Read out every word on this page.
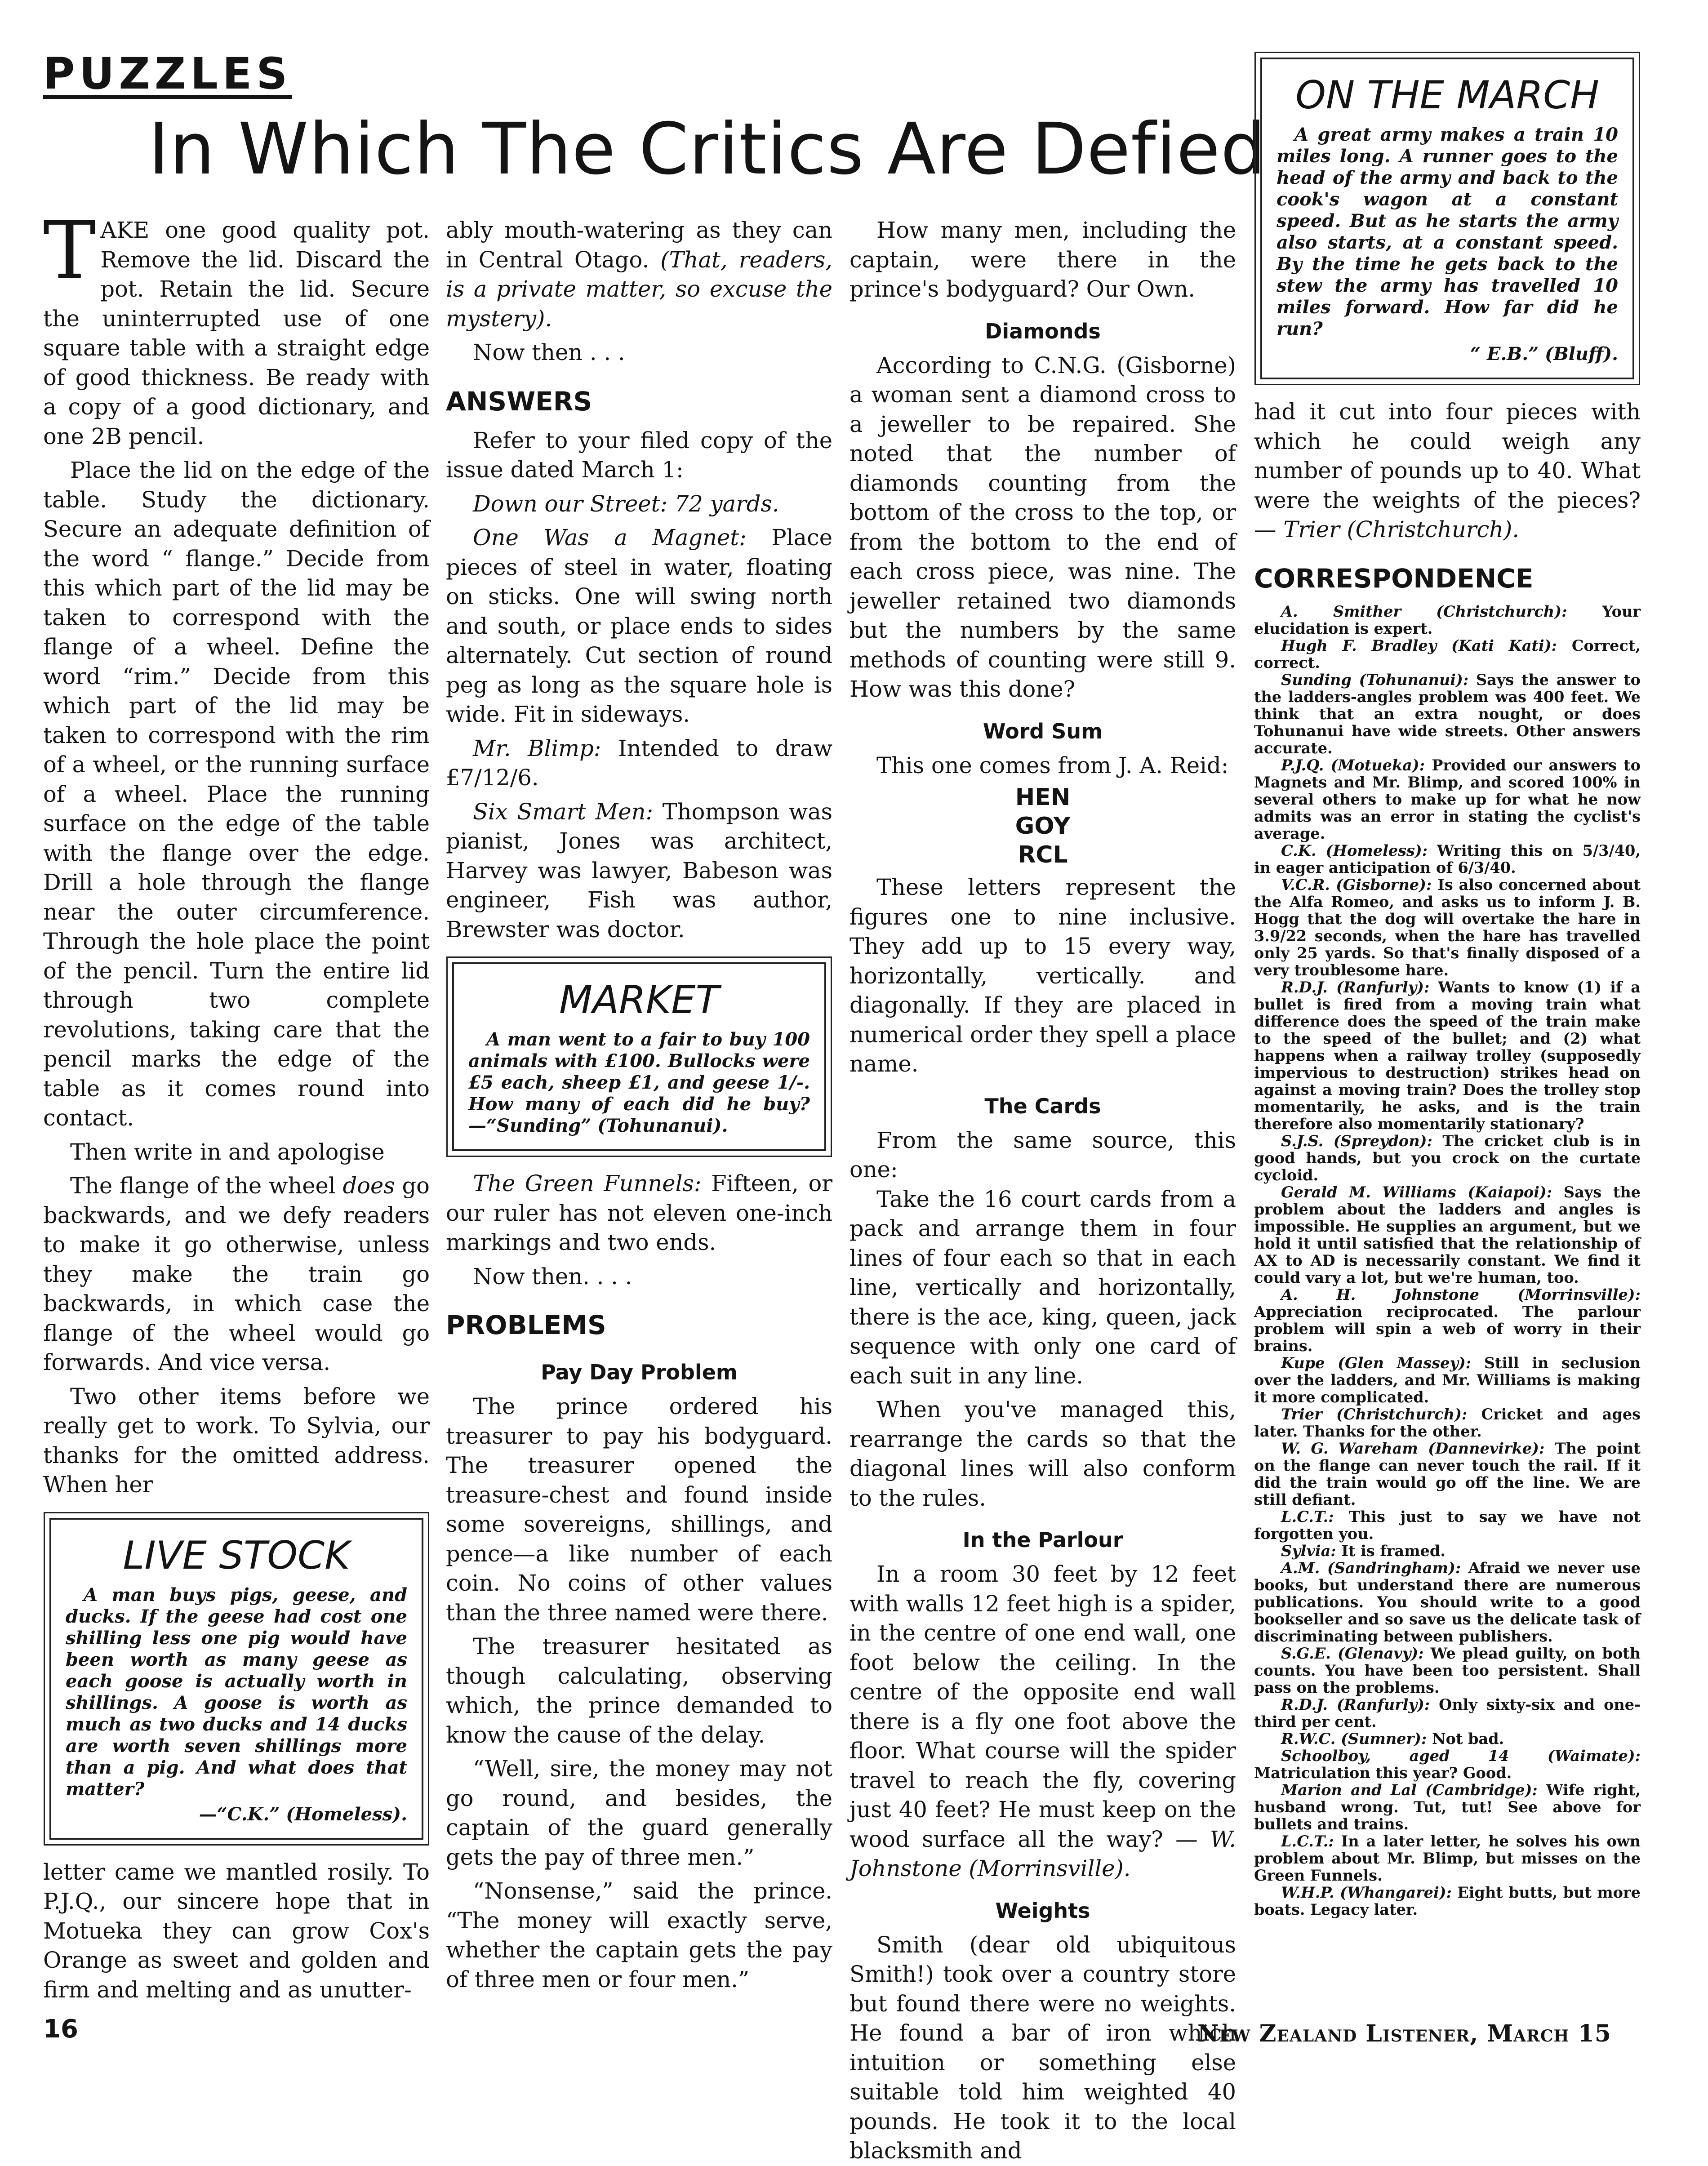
PUZZLES
In Which The Critics Are Defied

TAKE one good quality pot. Remove the lid. Discard the pot. Retain the lid. Secure the uninterrupted use of one square table with a straight edge of good thickness. Be ready with a copy of a good dictionary, and one 2B pencil.

Place the lid on the edge of the table. Study the dictionary. Secure an adequate definition of the word “ flange.” Decide from this which part of the lid may be taken to correspond with the flange of a wheel. Define the word “rim.” Decide from this which part of the lid may be taken to correspond with the rim of a wheel, or the running surface of a wheel. Place the running surface on the edge of the table with the flange over the edge. Drill a hole through the flange near the outer circumference. Through the hole place the point of the pencil. Turn the entire lid through two complete revolutions, taking care that the pencil marks the edge of the table as it comes round into contact.

Then write in and apologise

The flange of the wheel does go backwards, and we defy readers to make it go otherwise, unless they make the train go backwards, in which case the flange of the wheel would go forwards. And vice versa.

Two other items before we really get to work. To Sylvia, our thanks for the omitted address. When her

LIVE STOCK

A man buys pigs, geese, and ducks. If the geese had cost one shilling less one pig would have been worth as many geese as each goose is actually worth in shillings. A goose is worth as much as two ducks and 14 ducks are worth seven shillings more than a pig. And what does that matter?

—“C.K.” (Homeless).

letter came we mantled rosily. To P.J.Q., our sincere hope that in Motueka they can grow Cox's Orange as sweet and golden and firm and melting and as unutter-

ably mouth-watering as they can in Central Otago. (That, readers, is a private matter, so excuse the mystery).

Now then . . .

ANSWERS

Refer to your filed copy of the issue dated March 1:

Down our Street: 72 yards.

One Was a Magnet: Place pieces of steel in water, floating on sticks. One will swing north and south, or place ends to sides alternately. Cut section of round peg as long as the square hole is wide. Fit in sideways.

Mr. Blimp: Intended to draw £7/12/6.

Six Smart Men: Thompson was pianist, Jones was architect, Harvey was lawyer, Babeson was engineer, Fish was author, Brewster was doctor.

MARKET

A man went to a fair to buy 100 animals with £100. Bullocks were £5 each, sheep £1, and geese 1/-. How many of each did he buy?—“Sunding” (Tohunanui).

The Green Funnels: Fifteen, or our ruler has not eleven one-inch markings and two ends.

Now then. . . .

PROBLEMS
Pay Day Problem

The prince ordered his treasurer to pay his bodyguard. The treasurer opened the treasure-chest and found inside some sovereigns, shillings, and pence—a like number of each coin. No coins of other values than the three named were there.

The treasurer hesitated as though calculating, observing which, the prince demanded to know the cause of the delay.

“Well, sire, the money may not go round, and besides, the captain of the guard generally gets the pay of three men.”

“Nonsense,” said the prince. “The money will exactly serve, whether the captain gets the pay of three men or four men.”

How many men, including the captain, were there in the prince's bodyguard? Our Own.

Diamonds

According to C.N.G. (Gisborne) a woman sent a diamond cross to a jeweller to be repaired. She noted that the number of diamonds counting from the bottom of the cross to the top, or from the bottom to the end of each cross piece, was nine. The jeweller retained two diamonds but the numbers by the same methods of counting were still 9. How was this done?

Word Sum

This one comes from J. A. Reid:

HEN
GOY
RCL

These letters represent the figures one to nine inclusive. They add up to 15 every way, horizontally, vertically. and diagonally. If they are placed in numerical order they spell a place name.

The Cards

From the same source, this one:

Take the 16 court cards from a pack and arrange them in four lines of four each so that in each line, vertically and horizontally, there is the ace, king, queen, jack sequence with only one card of each suit in any line.

When you've managed this, rearrange the cards so that the diagonal lines will also conform to the rules.

In the Parlour

In a room 30 feet by 12 feet with walls 12 feet high is a spider, in the centre of one end wall, one foot below the ceiling. In the centre of the opposite end wall there is a fly one foot above the floor. What course will the spider travel to reach the fly, covering just 40 feet? He must keep on the wood surface all the way? — W. Johnstone (Morrinsville).

Weights

Smith (dear old ubiquitous Smith!) took over a country store but found there were no weights. He found a bar of iron which intuition or something else suitable told him weighted 40 pounds. He took it to the local blacksmith and

ON THE MARCH

A great army makes a train 10 miles long. A runner goes to the head of the army and back to the cook's wagon at a constant speed. But as he starts the army also starts, at a constant speed. By the time he gets back to the stew the army has travelled 10 miles forward. How far did he run?

“ E.B.” (Bluff).

had it cut into four pieces with which he could weigh any number of pounds up to 40. What were the weights of the pieces? — Trier (Christchurch).

CORRESPONDENCE

A. Smither (Christchurch): Your elucidation is expert.

Hugh F. Bradley (Kati Kati): Correct, correct.

Sunding (Tohunanui): Says the answer to the ladders-angles problem was 400 feet. We think that an extra nought, or does Tohunanui have wide streets. Other answers accurate.

P.J.Q. (Motueka): Provided our answers to Magnets and Mr. Blimp, and scored 100% in several others to make up for what he now admits was an error in stating the cyclist's average.

C.K. (Homeless): Writing this on 5/3/40, in eager anticipation of 6/3/40.

V.C.R. (Gisborne): Is also concerned about the Alfa Romeo, and asks us to inform J. B. Hogg that the dog will overtake the hare in 3.9/22 seconds, when the hare has travelled only 25 yards. So that's finally disposed of a very troublesome hare.

R.D.J. (Ranfurly): Wants to know (1) if a bullet is fired from a moving train what difference does the speed of the train make to the speed of the bullet; and (2) what happens when a railway trolley (supposedly impervious to destruction) strikes head on against a moving train? Does the trolley stop momentarily, he asks, and is the train therefore also momentarily stationary?

S.J.S. (Spreydon): The cricket club is in good hands, but you crock on the curtate cycloid.

Gerald M. Williams (Kaiapoi): Says the problem about the ladders and angles is impossible. He supplies an argument, but we hold it until satisfied that the relationship of AX to AD is necessarily constant. We find it could vary a lot, but we're human, too.

A. H. Johnstone (Morrinsville): Appreciation reciprocated. The parlour problem will spin a web of worry in their brains.

Kupe (Glen Massey): Still in seclusion over the ladders, and Mr. Williams is making it more complicated.

Trier (Christchurch): Cricket and ages later. Thanks for the other.

W. G. Wareham (Dannevirke): The point on the flange can never touch the rail. If it did the train would go off the line. We are still defiant.

L.C.T.: This just to say we have not forgotten you.

Sylvia: It is framed.

A.M. (Sandringham): Afraid we never use books, but understand there are numerous publications. You should write to a good bookseller and so save us the delicate task of discriminating between publishers.

S.G.E. (Glenavy): We plead guilty, on both counts. You have been too persistent. Shall pass on the problems.

R.D.J. (Ranfurly): Only sixty-six and one-third per cent.

R.W.C. (Sumner): Not bad.

Schoolboy, aged 14 (Waimate): Matriculation this year? Good.

Marion and Lal (Cambridge): Wife right, husband wrong. Tut, tut! See above for bullets and trains.

L.C.T.: In a later letter, he solves his own problem about Mr. Blimp, but misses on the Green Funnels.

W.H.P. (Whangarei): Eight butts, but more boats. Legacy later.

16	New Zealand Listener, March 15
